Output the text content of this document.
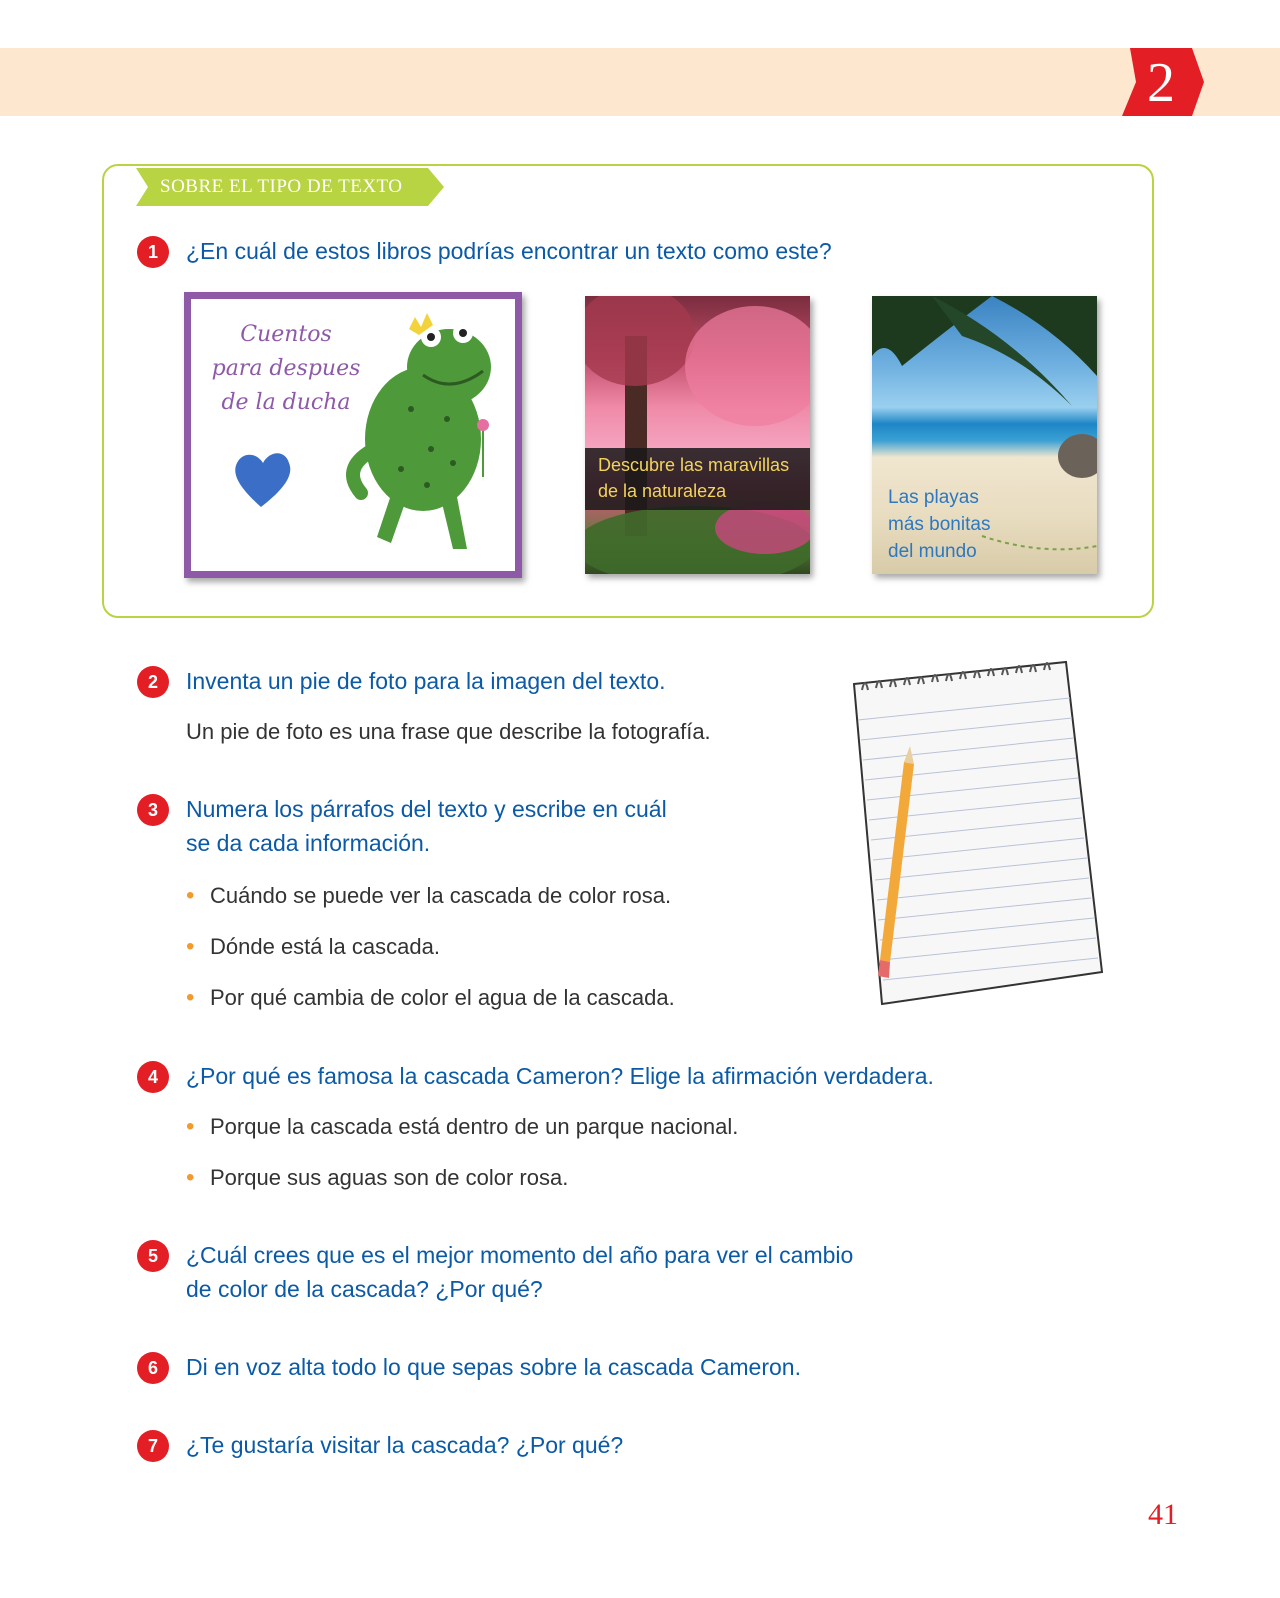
2
SOBRE EL TIPO DE TEXTO
1	¿En cuál de estos libros podrías encontrar un texto como este?
Cuentos
para despues
de la ducha
Descubre las maravillas
de la naturaleza	Las playas
más bonitas
del mundo
2	Inventa un pie de foto para la imagen del texto.
Un pie de foto es una frase que describe la fotografía.
3	Numera los párrafos del texto y escribe en cuál
se da cada información.
• Cuándo se puede ver la cascada de color rosa.
• Dónde está la cascada.
• Por qué cambia de color el agua de la cascada.
4	¿Por qué es famosa la cascada Cameron? Elige la afirmación verdadera.
• Porque la cascada está dentro de un parque nacional.
• Porque sus aguas son de color rosa.
5	¿Cuál crees que es el mejor momento del año para ver el cambio
de color de la cascada? ¿Por qué?
6	Di en voz alta todo lo que sepas sobre la cascada Cameron.
7	¿Te gustaría visitar la cascada? ¿Por qué?
41
